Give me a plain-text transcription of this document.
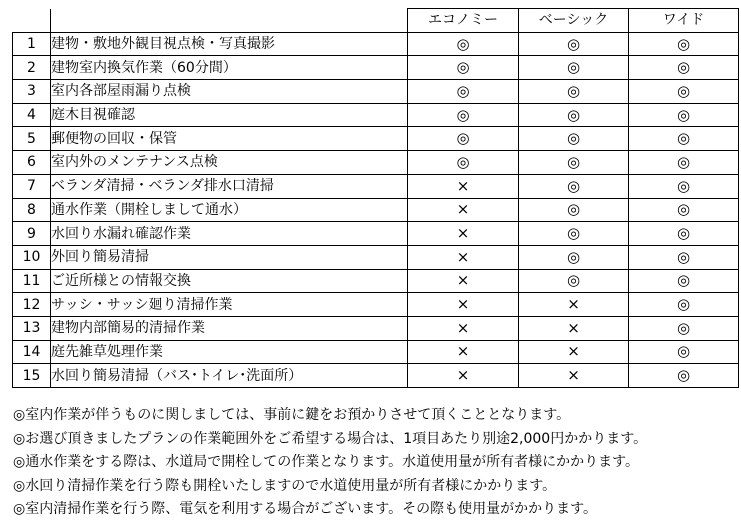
		エコノミー	ベーシック	ワイド
1	建物・敷地外観目視点検・写真撮影	◎	◎	◎
2	建物室内換気作業（60分間）	◎	◎	◎
3	室内各部屋雨漏り点検	◎	◎	◎
4	庭木目視確認	◎	◎	◎
5	郵便物の回収・保管	◎	◎	◎
6	室内外のメンテナンス点検	◎	◎	◎
7	ベランダ清掃・ベランダ排水口清掃	×	◎	◎
8	通水作業（開栓しまして通水）	×	◎	◎
9	水回り水漏れ確認作業	×	◎	◎
10	外回り簡易清掃	×	◎	◎
11	ご近所様との情報交換	×	◎	◎
12	サッシ・サッシ廻り清掃作業	×	×	◎
13	建物内部簡易的清掃作業	×	×	◎
14	庭先雑草処理作業	×	×	◎
15	水回り簡易清掃（バス･トイレ･洗面所）	×	×	◎
◎室内作業が伴うものに関しましては、事前に鍵をお預かりさせて頂くこととなります。
◎お選び頂きましたプランの作業範囲外をご希望する場合は、1項目あたり別途2,000円かかります。
◎通水作業をする際は、水道局で開栓しての作業となります。水道使用量が所有者様にかかります。
◎水回り清掃作業を行う際も開栓いたしますので水道使用量が所有者様にかかります。
◎室内清掃作業を行う際、電気を利用する場合がございます。その際も使用量がかかります。
